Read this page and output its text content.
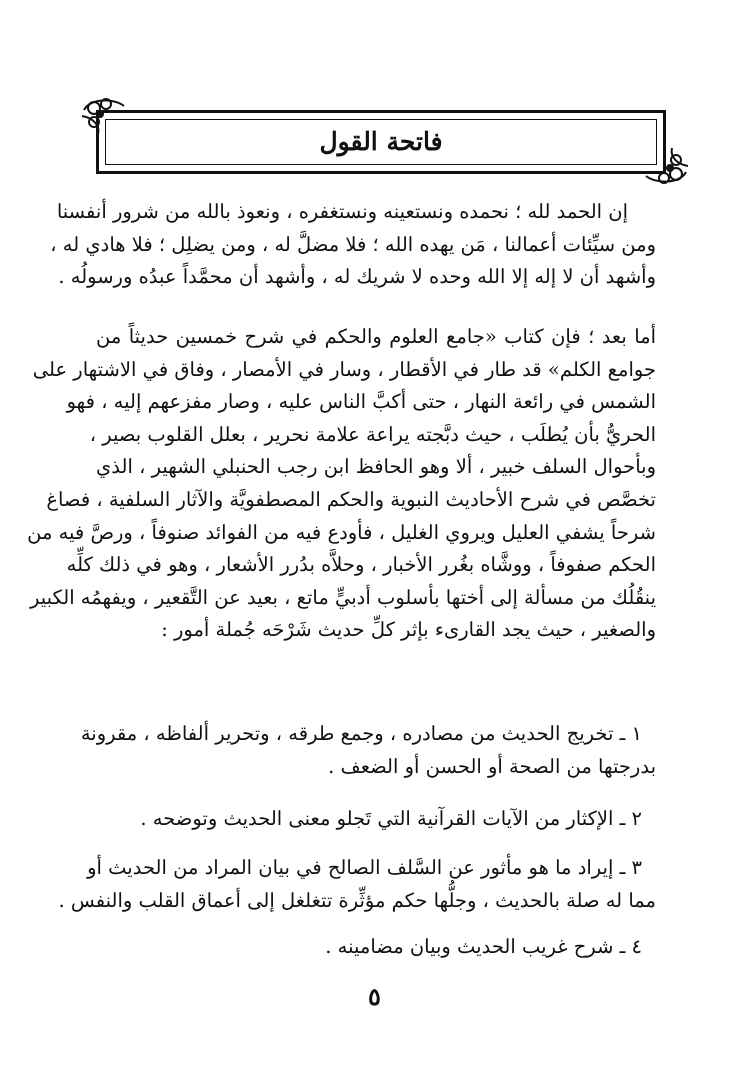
فاتحة القول
إن الحمد لله ؛ نحمده ونستعينه ونستغفره ، ونعوذ بالله من شرور أنفسنا
ومن سيِّئات أعمالنا ، مَن يهده الله ؛ فلا مضلَّ له ، ومن يضلِل ؛ فلا هادي له ،
وأشهد أن لا إله إلا الله وحده لا شريك له ، وأشهد أن محمَّداً عبدُه ورسولُه .
أما بعد ؛ فإن كتاب «جامع العلوم والحكم في شرح خمسين حديثاً من
جوامع الكلم» قد طار في الأقطار ، وسار في الأمصار ، وفاق في الاشتهار على
الشمس في رائعة النهار ، حتى أكبَّ الناس عليه ، وصار مفزعهم إليه ، فهو
الحريُّ بأن يُطلَب ، حيث دبَّجته يراعة علامة نحرير ، بعلل القلوب بصير ،
وبأحوال السلف خبير ، ألا وهو الحافظ ابن رجب الحنبلي الشهير ، الذي
تخصَّص في شرح الأحاديث النبوية والحكم المصطفويَّة والآثار السلفية ، فصاغ
شرحاً يشفي العليل ويروي الغليل ، فأودع فيه من الفوائد صنوفاً ، ورصَّ فيه من
الحكم صفوفاً ، ووشَّاه بغُرر الأخبار ، وحلاَّه بدُرر الأشعار ، وهو في ذلك كلِّه
ينقُلُك من مسألة إلى أختها بأسلوب أدبيٍّ ماتع ، بعيد عن التَّقعير ، ويفهمُه الكبير
والصغير ، حيث يجد القارىء بإثر كلِّ حديث شَرْحَه جُملة أمور :
١ ـ تخريج الحديث من مصادره ، وجمع طرقه ، وتحرير ألفاظه ، مقرونة
بدرجتها من الصحة أو الحسن أو الضعف .
٢ ـ الإكثار من الآيات القرآنية التي تَجلو معنى الحديث وتوضحه .
٣ ـ إيراد ما هو مأثور عن السَّلف الصالح في بيان المراد من الحديث أو
مما له صلة بالحديث ، وجلُّها حكم مؤثِّرة تتغلغل إلى أعماق القلب والنفس .
٤ ـ شرح غريب الحديث وبيان مضامينه .
٥
